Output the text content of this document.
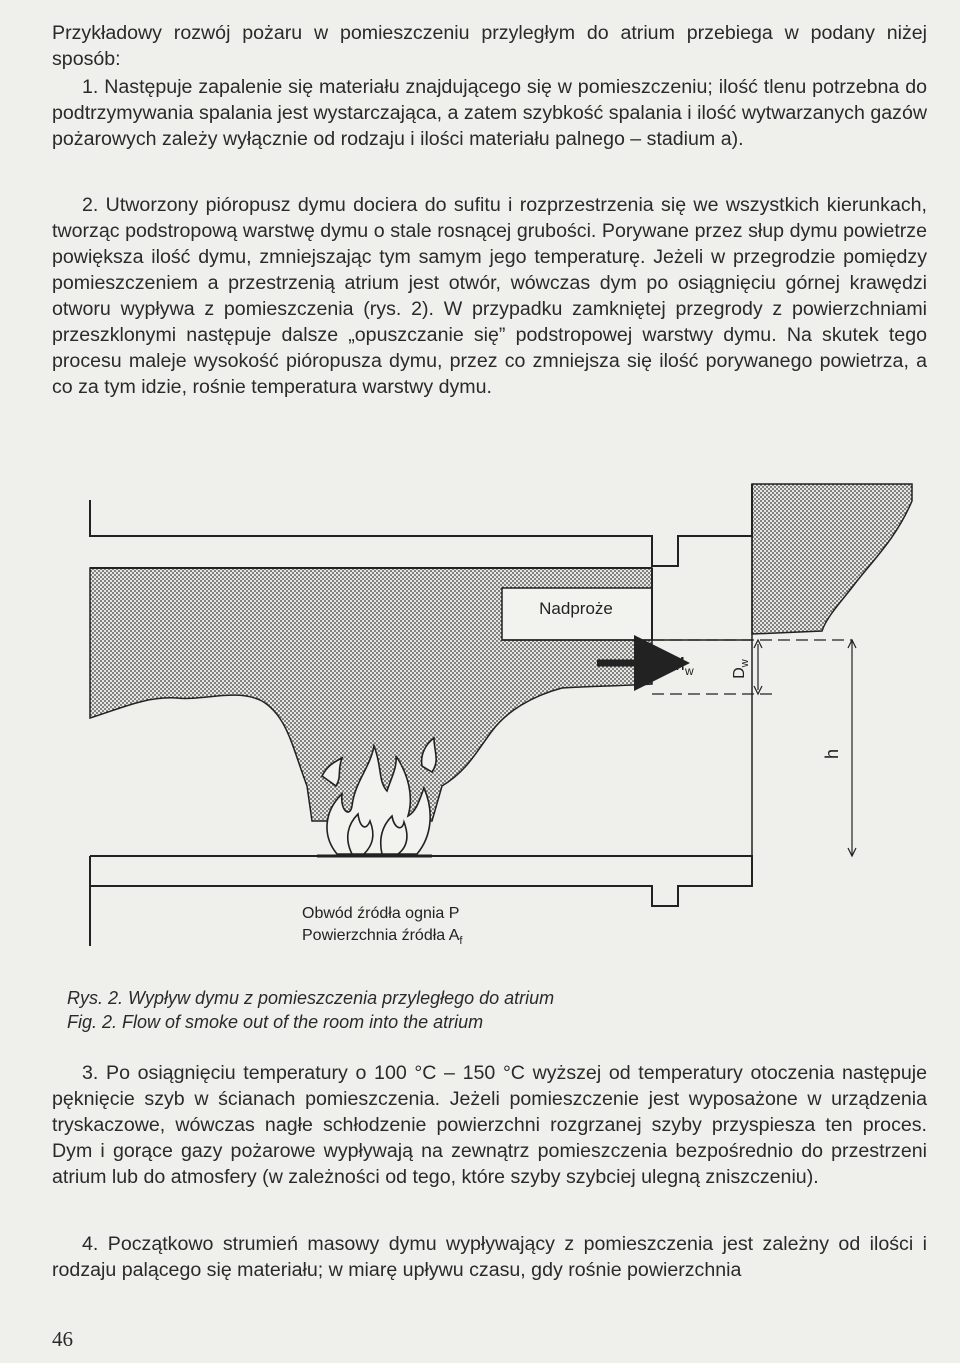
Przykładowy rozwój pożaru w pomieszczeniu przyległym do atrium przebiega w podany niżej sposób:

1. Następuje zapalenie się materiału znajdującego się w pomieszczeniu; ilość tlenu potrzebna do podtrzymywania spalania jest wystarczająca, a zatem szybkość spalania i ilość wytwarzanych gazów pożarowych zależy wyłącznie od rodzaju i ilości materiału palnego – stadium a).

2. Utworzony pióropusz dymu dociera do sufitu i rozprzestrzenia się we wszystkich kierunkach, tworząc podstropową warstwę dymu o stale rosnącej grubości. Porywane przez słup dymu powietrze powiększa ilość dymu, zmniejszając tym samym jego temperaturę. Jeżeli w przegrodzie pomiędzy pomieszczeniem a przestrzenią atrium jest otwór, wówczas dym po osiągnięciu górnej krawędzi otworu wypływa z pomieszczenia (rys. 2). W przypadku zamkniętej przegrody z powierzchniami przeszklonymi następuje dalsze „opuszczanie się” podstropowej warstwy dymu. Na skutek tego procesu maleje wysokość pióropusza dymu, przez co zmniejsza się ilość porywanego powietrza, a co za tym idzie, rośnie temperatura warstwy dymu.

Nadproże
$M_w$ $D_w$
h
Obwód źródła ognia P
Powierzchnia źródła $A_f$

Rys. 2. Wypływ dymu z pomieszczenia przyległego do atrium

Fig. 2. Flow of smoke out of the room into the atrium

3. Po osiągnięciu temperatury o 100 °C – 150 °C wyższej od temperatury otoczenia następuje pęknięcie szyb w ścianach pomieszczenia. Jeżeli pomieszczenie jest wyposażone w urządzenia tryskaczowe, wówczas nagłe schłodzenie powierzchni rozgrzanej szyby przyspiesza ten proces. Dym i gorące gazy pożarowe wypływają na zewnątrz pomieszczenia bezpośrednio do przestrzeni atrium lub do atmosfery (w zależności od tego, które szyby szybciej ulegną zniszczeniu).

4. Początkowo strumień masowy dymu wypływający z pomieszczenia jest zależny od ilości i rodzaju palącego się materiału; w miarę upływu czasu, gdy rośnie powierzchnia

46
